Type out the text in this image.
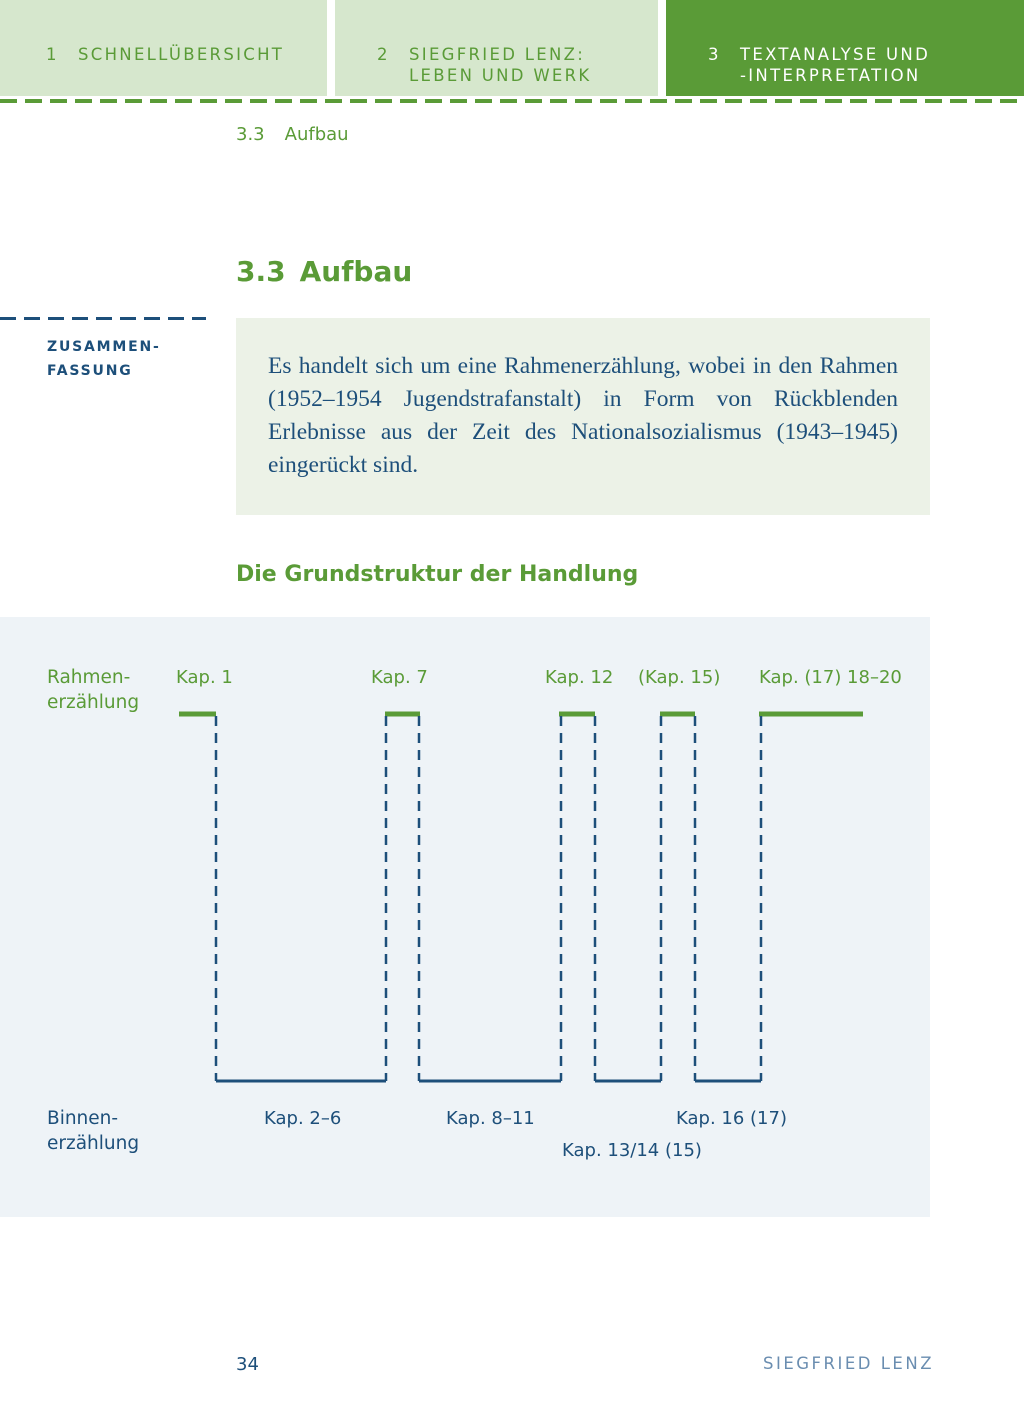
1 SCHNELLÜBERSICHT	2 SIEGFRIED LENZ:
LEBEN UND WERK
3 TEXTANALYSE UND
-INTERPRETATION
3.3 Aufbau
3.3 Aufbau
ZUSAMMEN-
FASSUNG	Es handelt sich um eine Rahmenerzählung, wobei in den Rahmen (1952–1954 Jugendstrafanstalt) in Form von Rückblenden Erlebnisse aus der Zeit des Nationalsozialismus (1943–1945) eingerückt sind.
Die Grundstruktur der Handlung
Rahmen-
erzählung
Binnen-
erzählung
Kap. 1	Kap. 7	Kap. 12 (Kap. 15) Kap. (17) 18–20
Kap. 2–6	Kap. 8–11
Kap. 13/14 (15)
Kap. 16 (17)
34	SIEGFRIED LENZ
